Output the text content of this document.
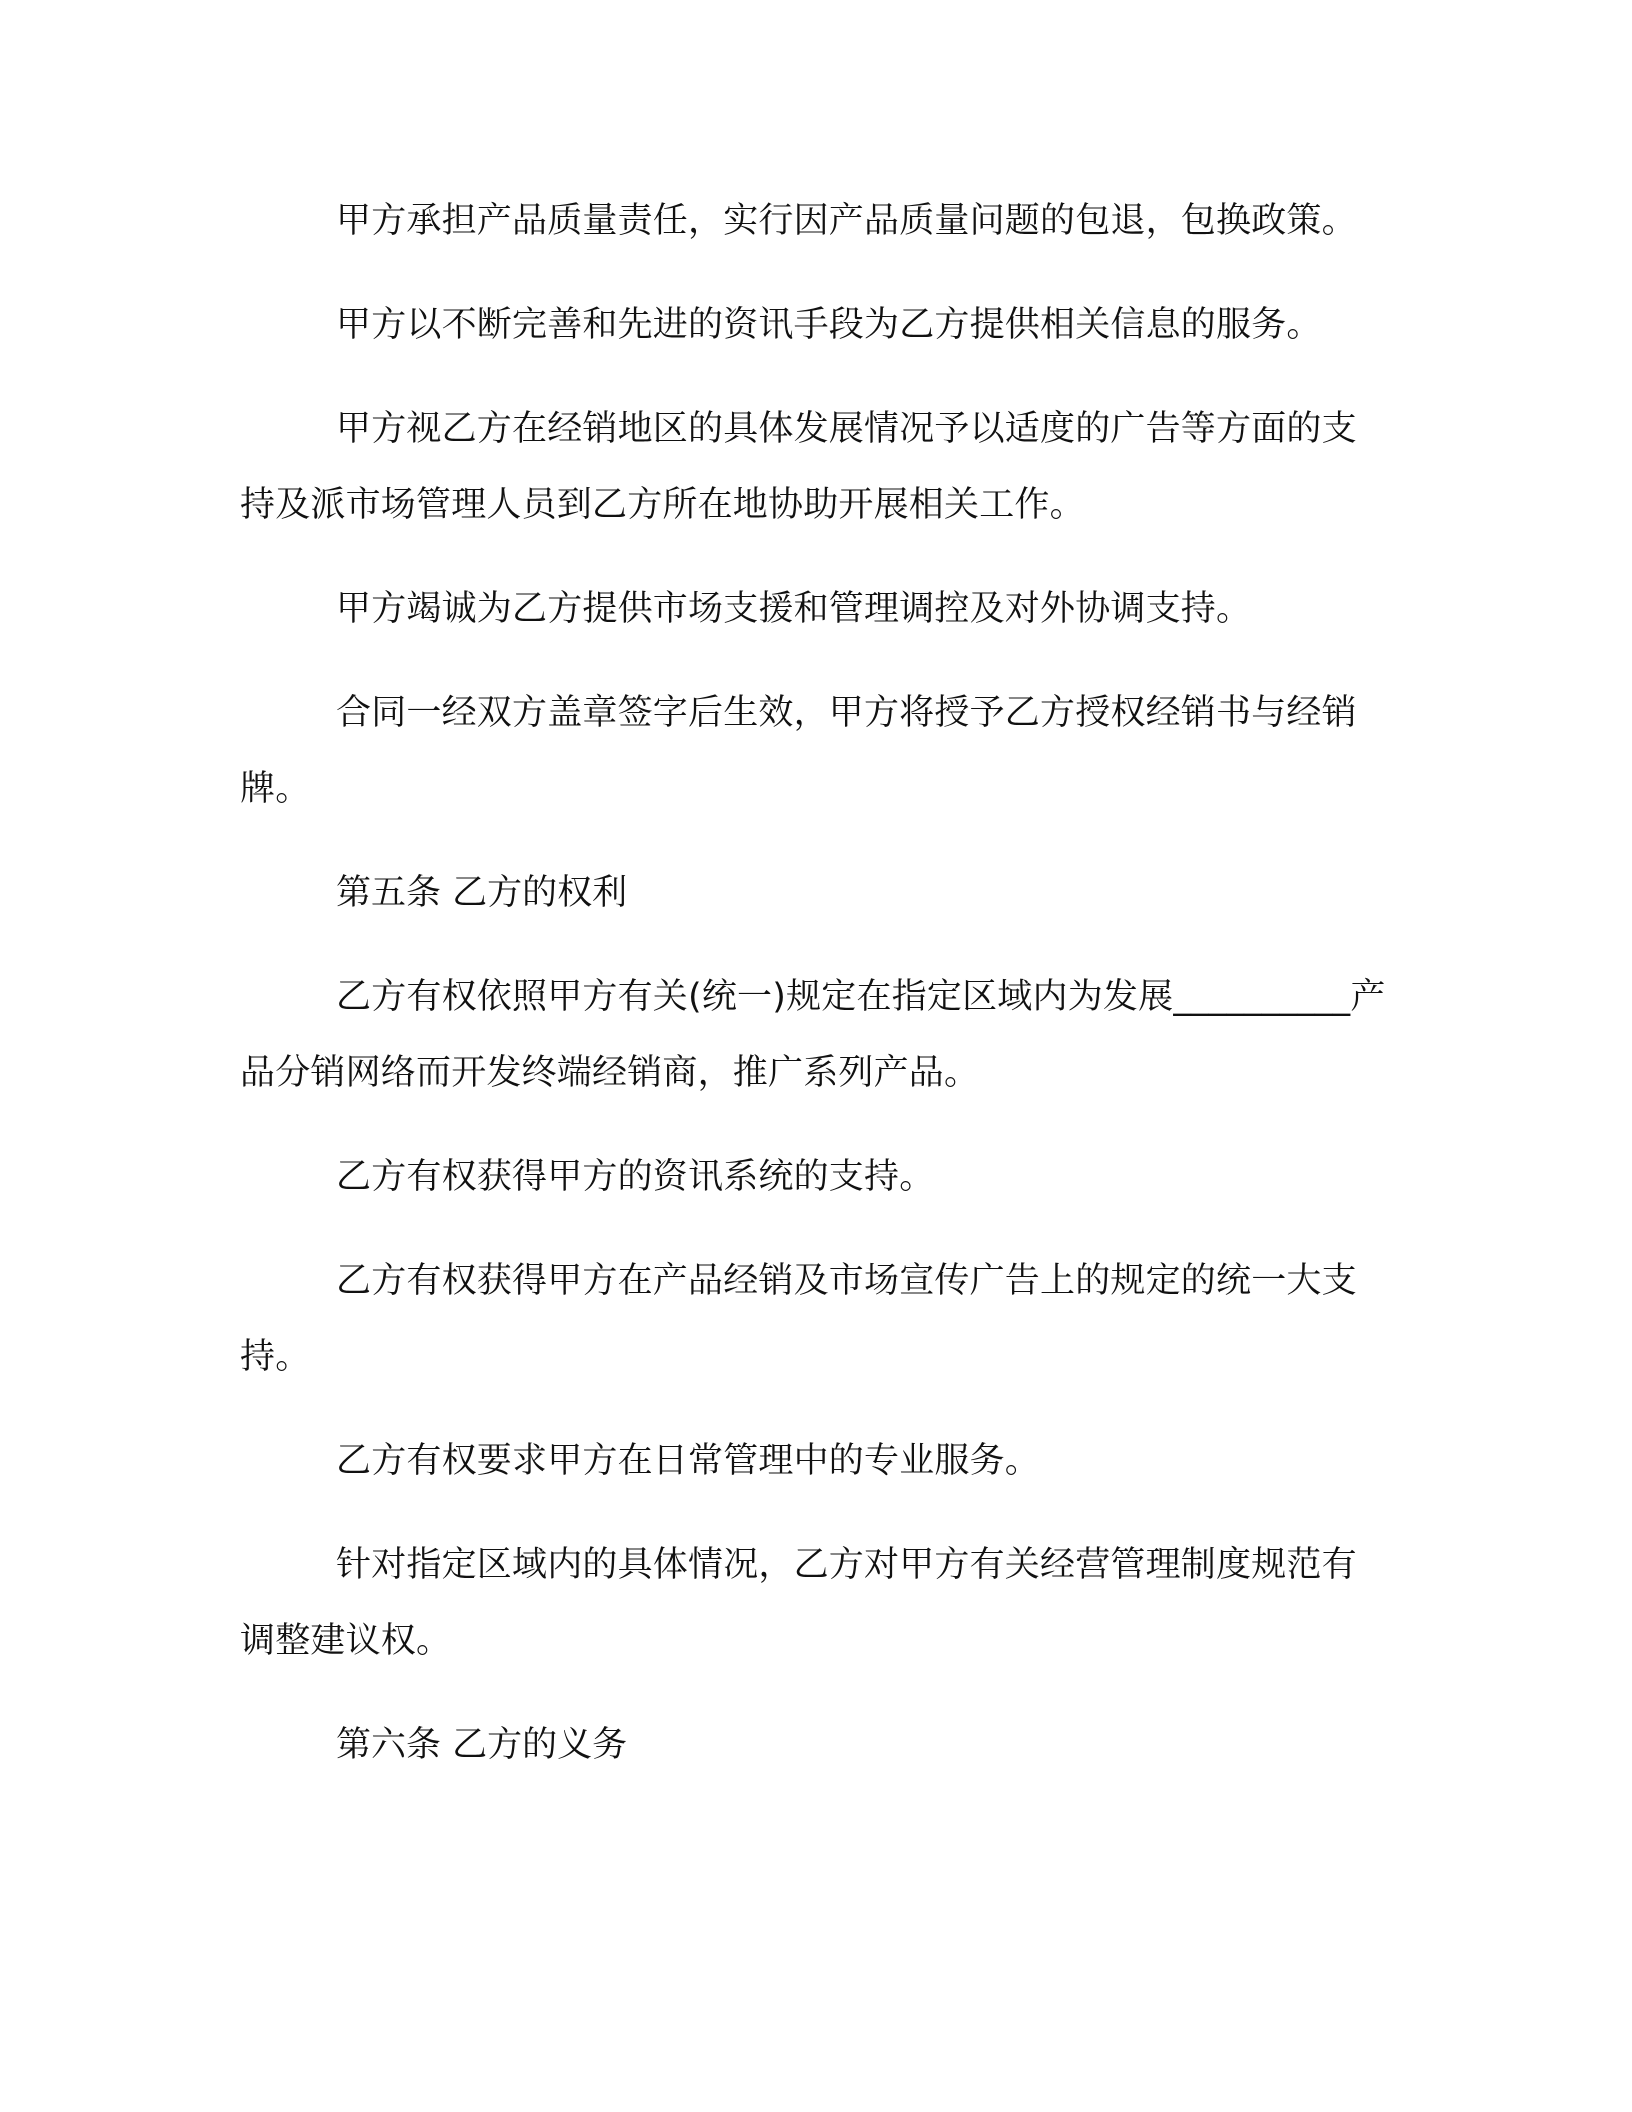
甲方承担产品质量责任，实行因产品质量问题的包退，包换政策。

甲方以不断完善和先进的资讯手段为乙方提供相关信息的服务。

甲方视乙方在经销地区的具体发展情况予以适度的广告等方面的支持及派市场管理人员到乙方所在地协助开展相关工作。

甲方竭诚为乙方提供市场支援和管理调控及对外协调支持。

合同一经双方盖章签字后生效，甲方将授予乙方授权经销书与经销牌。

第五条 乙方的权利

乙方有权依照甲方有关(统一)规定在指定区域内为发展__________产品分销网络而开发终端经销商，推广系列产品。

乙方有权获得甲方的资讯系统的支持。

乙方有权获得甲方在产品经销及市场宣传广告上的规定的统一大支持。

乙方有权要求甲方在日常管理中的专业服务。

针对指定区域内的具体情况，乙方对甲方有关经营管理制度规范有调整建议权。

第六条 乙方的义务
